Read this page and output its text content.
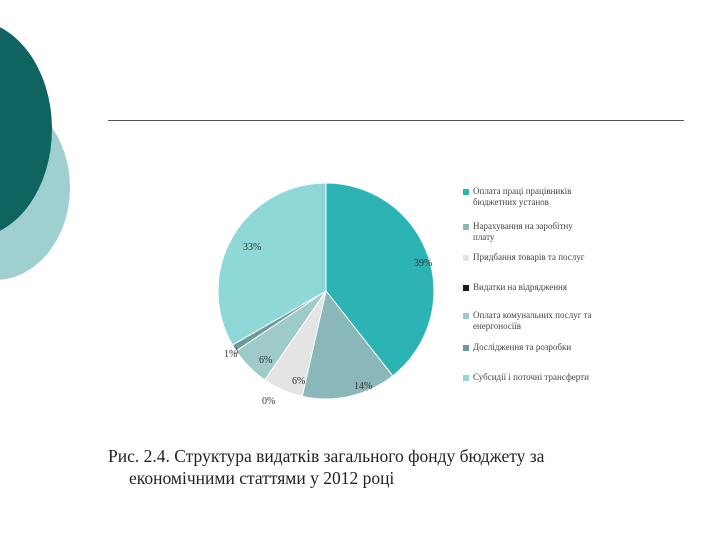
39%
14%
6%
0%
6%
1%
33%
Оплата праці працівників бюджетних установ
Нарахування на заробітну плату
Придбання товарів та послуг
Видатки на відрядження
Оплата комунальних послуг та енергоносіїв
Дослідження та розробки
Субсидії і поточні трансферти
Рис. 2.4. Структура видатків загального фонду бюджету за
економічними статтями у 2012 році
